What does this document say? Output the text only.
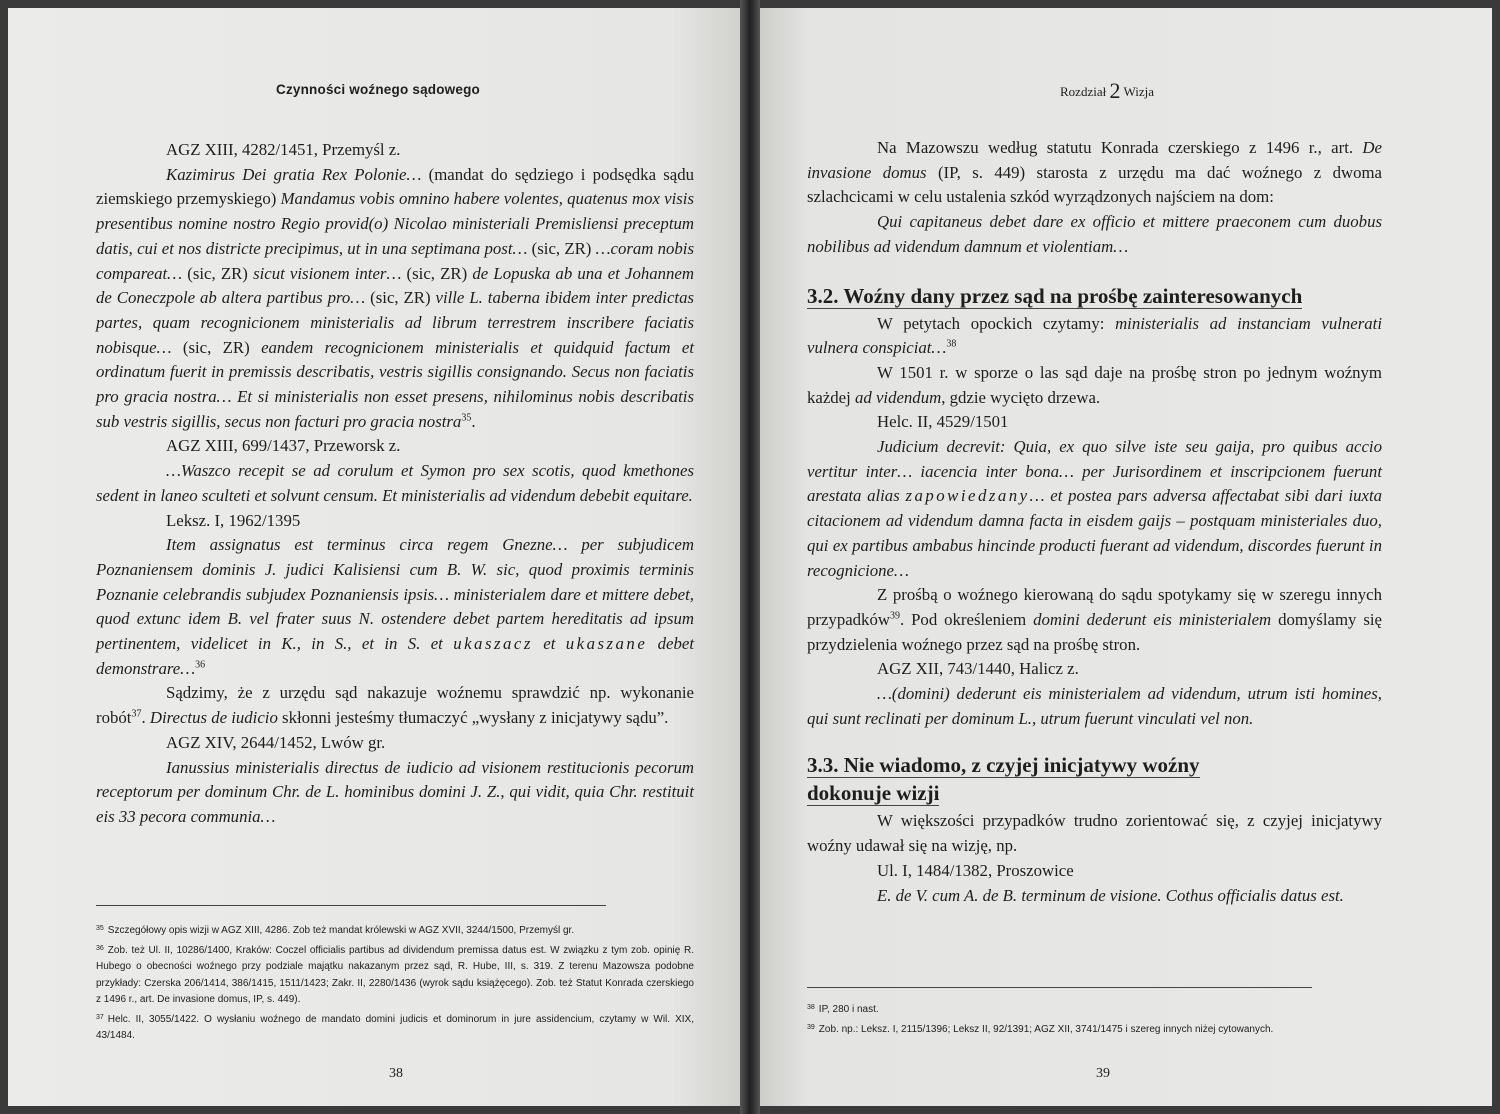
Czynności woźnego sądowego

AGZ XIII, 4282/1451, Przemyśl z.

Kazimirus Dei gratia Rex Polonie… (mandat do sędziego i podsędka sądu ziemskiego przemyskiego) Mandamus vobis omnino habere volentes, quatenus mox visis presentibus nomine nostro Regio provid(o) Nicolao ministeriali Premisliensi preceptum datis, cui et nos districte precipimus, ut in una septimana post… (sic, ZR) …coram nobis compareat… (sic, ZR) sicut visionem inter… (sic, ZR) de Lopuska ab una et Johannem de Coneczpole ab altera partibus pro… (sic, ZR) ville L. taberna ibidem inter predictas partes, quam recognicionem ministerialis ad librum terrestrem inscribere faciatis nobisque… (sic, ZR) eandem recognicionem ministerialis et quidquid factum et ordinatum fuerit in premissis describatis, vestris sigillis consignando. Secus non faciatis pro gracia nostra… Et si ministerialis non esset presens, nihilominus nobis describatis sub vestris sigillis, secus non facturi pro gracia nostra$^{35}$.

AGZ XIII, 699/1437, Przeworsk z.

…Waszco recepit se ad corulum et Symon pro sex scotis, quod kmethones sedent in laneo sculteti et solvunt censum. Et ministerialis ad videndum debebit equitare.

Leksz. I, 1962/1395

Item assignatus est terminus circa regem Gnezne… per subjudicem Poznaniensem dominis J. judici Kalisiensi cum B. W. sic, quod proximis terminis Poznanie celebrandis subjudex Poznaniensis ipsis… ministerialem dare et mittere debet, quod extunc idem B. vel frater suus N. ostendere debet partem hereditatis ad ipsum pertinentem, videlicet in K., in S., et in S. et ukaszacz et ukaszane debet demonstrare…$^{36}$

Sądzimy, że z urzędu sąd nakazuje woźnemu sprawdzić np. wykonanie robót$^{37}$. Directus de iudicio skłonni jesteśmy tłumaczyć „wysłany z inicjatywy sądu”.

AGZ XIV, 2644/1452, Lwów gr.

Ianussius ministerialis directus de iudicio ad visionem restitucionis pecorum receptorum per dominum Chr. de L. hominibus domini J. Z., qui vidit, quia Chr. restituit eis 33 pecora communia…

$^{35}$ Szczegółowy opis wizji w AGZ XIII, 4286. Zob też mandat królewski w AGZ XVII, 3244/1500, Przemyśl gr.

$^{36}$ Zob. też Ul. II, 10286/1400, Kraków: Coczel officialis partibus ad dividendum premissa datus est. W związku z tym zob. opinię R. Hubego o obecności woźnego przy podziale majątku nakazanym przez sąd, R. Hube, III, s. 319. Z terenu Mazowsza podobne przykłady: Czerska 206/1414, 386/1415, 1511/1423; Zakr. II, 2280/1436 (wyrok sądu książęcego). Zob. też Statut Konrada czerskiego z 1496 r., art. De invasione domus, IP, s. 449).

$^{37}$ Helc. II, 3055/1422. O wysłaniu woźnego de mandato domini judicis et dominorum in jure assidencium, czytamy w Wil. XIX, 43/1484.

38
Rozdział 2 Wizja

Na Mazowszu według statutu Konrada czerskiego z 1496 r., art. De invasione domus (IP, s. 449) starosta z urzędu ma dać woźnego z dwoma szlachcicami w celu ustalenia szkód wyrządzonych najściem na dom:

Qui capitaneus debet dare ex officio et mittere praeconem cum duobus nobilibus ad videndum damnum et violentiam…

3.2. Woźny dany przez sąd na prośbę zainteresowanych

W petytach opockich czytamy: ministerialis ad instanciam vulnerati vulnera conspiciat…$^{38}$

W 1501 r. w sporze o las sąd daje na prośbę stron po jednym woźnym każdej ad videndum, gdzie wycięto drzewa.

Helc. II, 4529/1501

Judicium decrevit: Quia, ex quo silve iste seu gaija, pro quibus accio vertitur inter… iacencia inter bona… per Jurisordinem et inscripcionem fuerunt arestata alias zapowiedzany… et postea pars adversa affectabat sibi dari iuxta citacionem ad videndum damna facta in eisdem gaijs – postquam ministeriales duo, qui ex partibus ambabus hincinde producti fuerant ad videndum, discordes fuerunt in recognicione…

Z prośbą o woźnego kierowaną do sądu spotykamy się w szeregu innych przypadków$^{39}$. Pod określeniem domini dederunt eis ministerialem domyślamy się przydzielenia woźnego przez sąd na prośbę stron.

AGZ XII, 743/1440, Halicz z.

…(domini) dederunt eis ministerialem ad videndum, utrum isti homines, qui sunt reclinati per dominum L., utrum fuerunt vinculati vel non.

3.3. Nie wiadomo, z czyjej inicjatywy woźny
dokonuje wizji

W większości przypadków trudno zorientować się, z czyjej inicjatywy woźny udawał się na wizję, np.

Ul. I, 1484/1382, Proszowice

E. de V. cum A. de B. terminum de visione. Cothus officialis datus est.

$^{38}$ IP, 280 i nast.

$^{39}$ Zob. np.: Leksz. I, 2115/1396; Leksz II, 92/1391; AGZ XII, 3741/1475 i szereg innych niżej cytowanych.

39
